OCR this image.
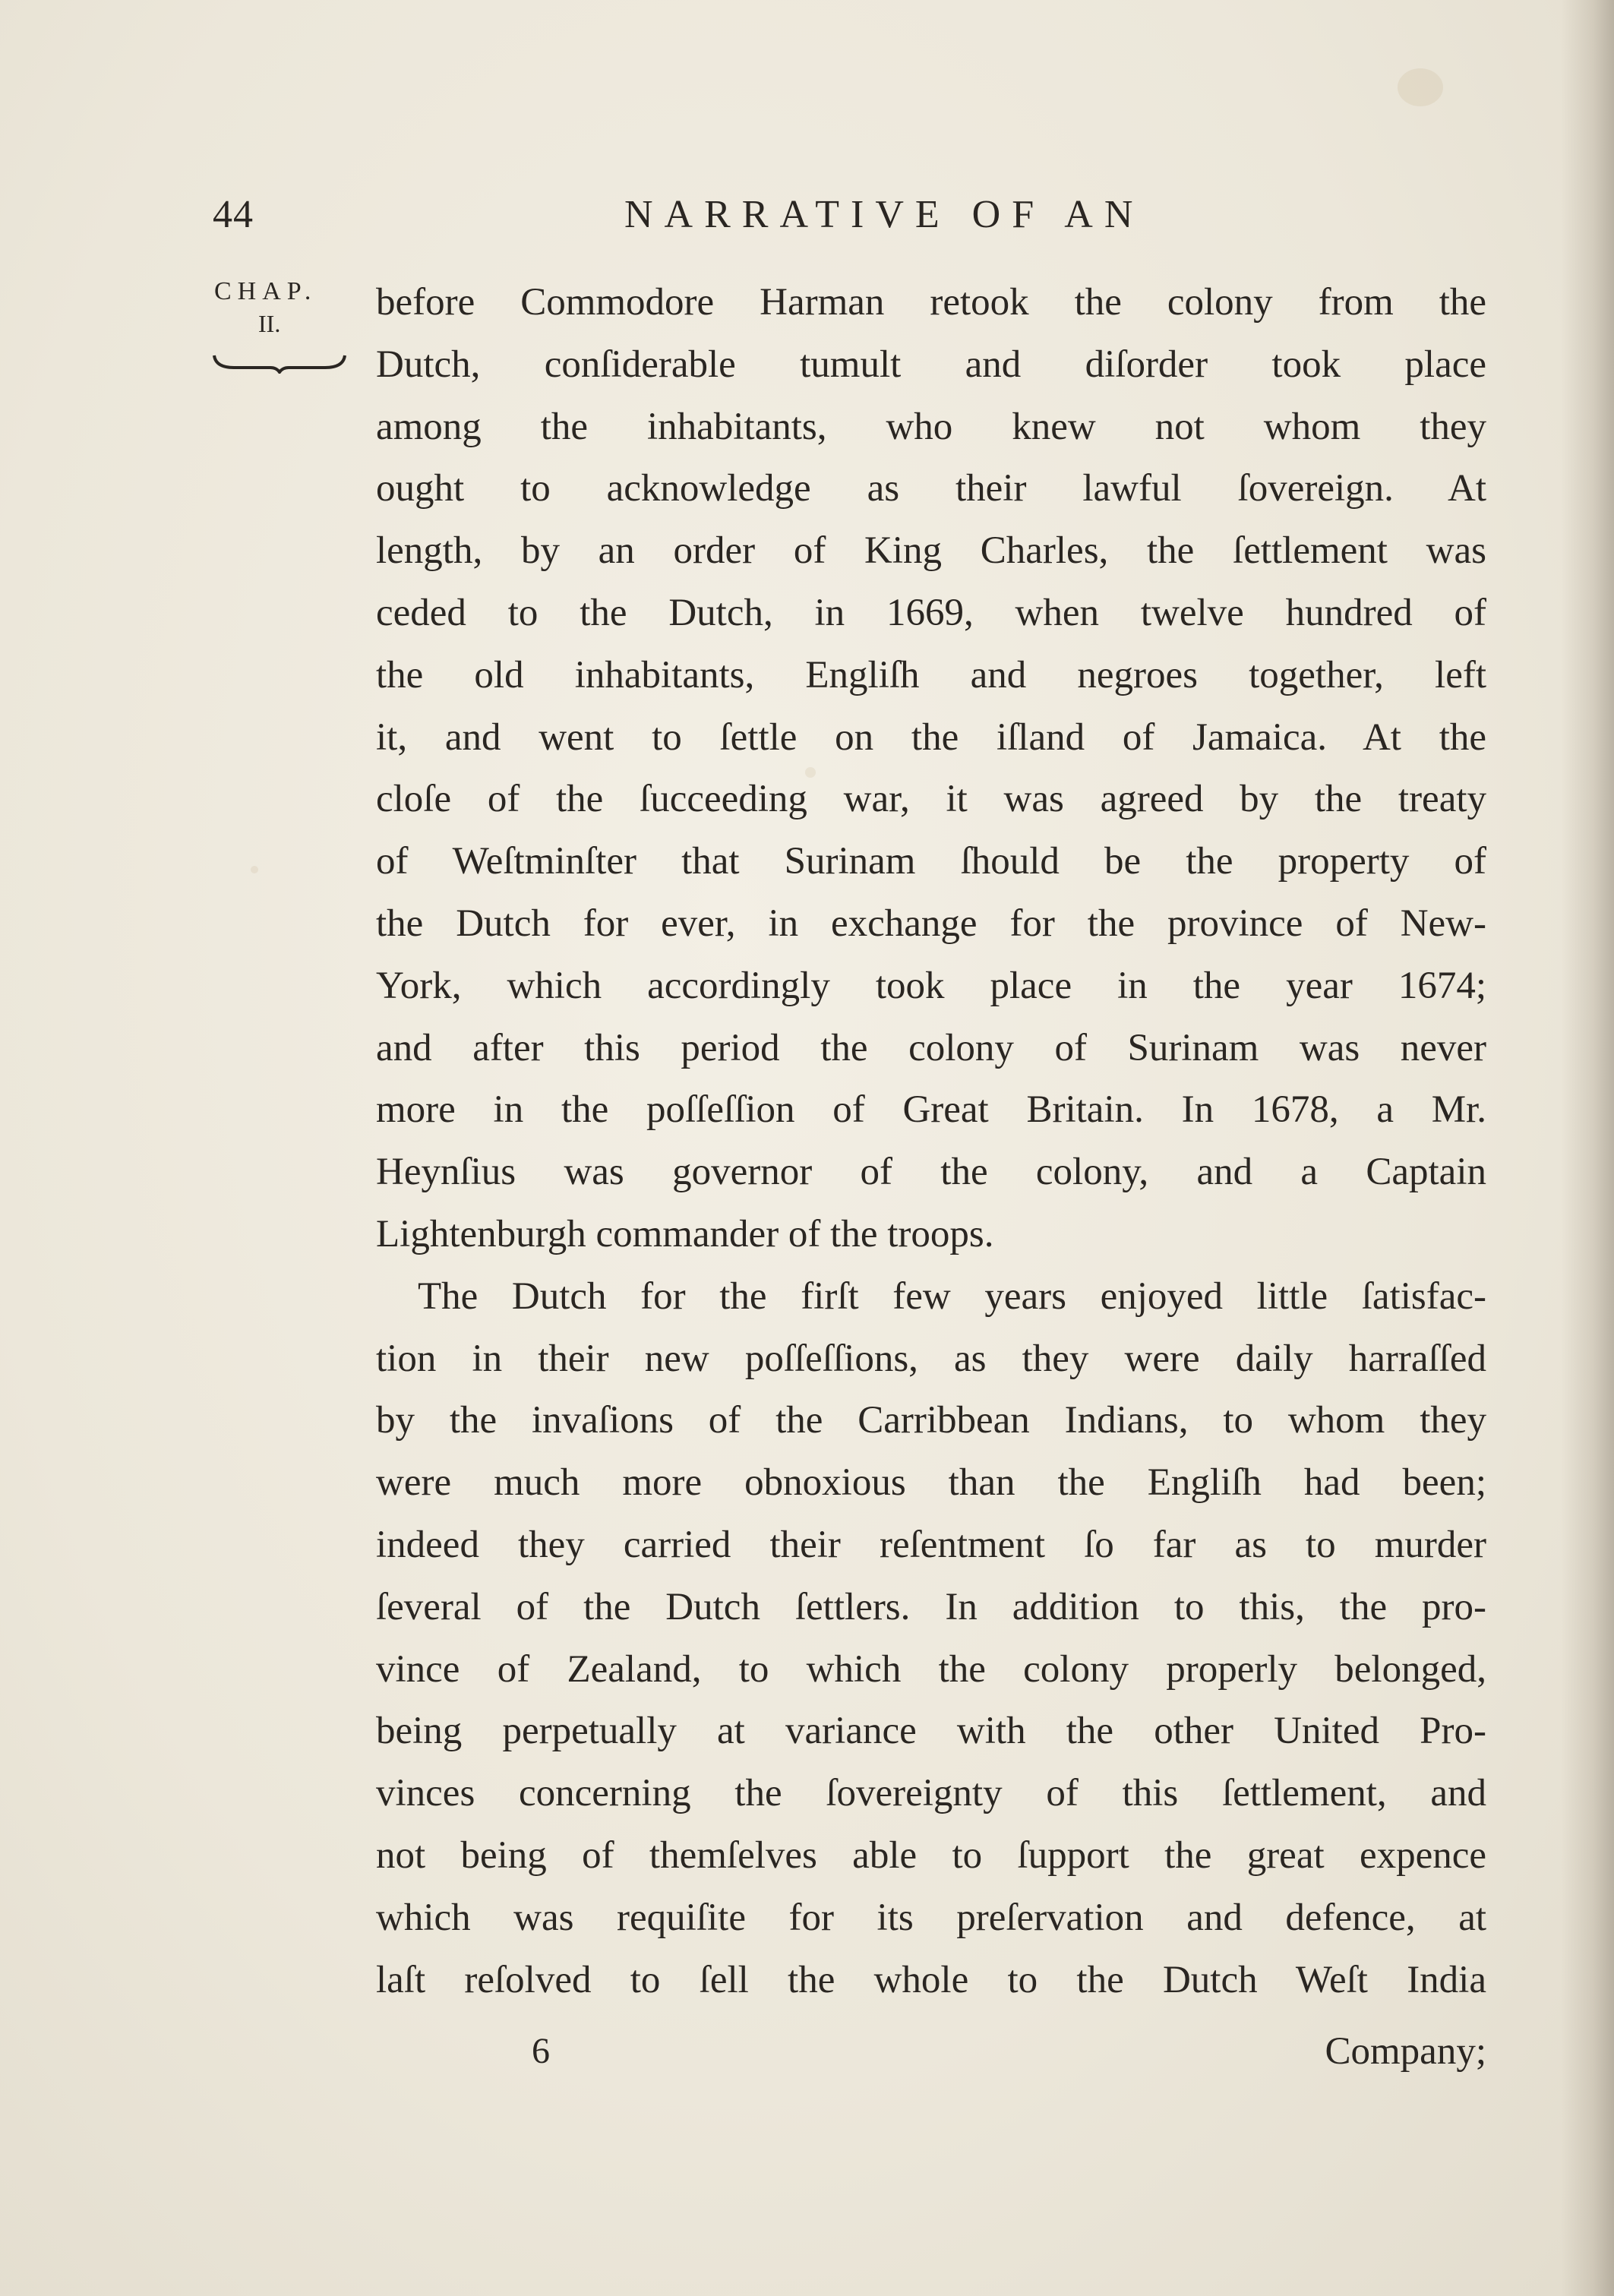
44	NARRATIVE OF AN
CHAP.
II.	before Commodore Harman retook the colony from the
Dutch, conſiderable tumult and diſorder took place
among the inhabitants, who knew not whom they
ought to acknowledge as their lawful ſovereign. At
length, by an order of King Charles, the ſettlement was
ceded to the Dutch, in 1669, when twelve hundred of
the old inhabitants, Engliſh and negroes together, left
it, and went to ſettle on the iſland of Jamaica. At the
cloſe of the ſucceeding war, it was agreed by the treaty
of Weſtminſter that Surinam ſhould be the property of
the Dutch for ever, in exchange for the province of New-
York, which accordingly took place in the year 1674;
and after this period the colony of Surinam was never
more in the poſſeſſion of Great Britain. In 1678, a Mr.
Heynſius was governor of the colony, and a Captain
Lightenburgh commander of the troops.
The Dutch for the firſt few years enjoyed little ſatisfac-
tion in their new poſſeſſions, as they were daily harraſſed
by the invaſions of the Carribbean Indians, to whom they
were much more obnoxious than the Engliſh had been;
indeed they carried their reſentment ſo far as to murder
ſeveral of the Dutch ſettlers. In addition to this, the pro-
vince of Zealand, to which the colony properly belonged,
being perpetually at variance with the other United Pro-
vinces concerning the ſovereignty of this ſettlement, and
not being of themſelves able to ſupport the great expence
which was requiſite for its preſervation and defence, at
laſt reſolved to ſell the whole to the Dutch Weſt India
6	Company;
